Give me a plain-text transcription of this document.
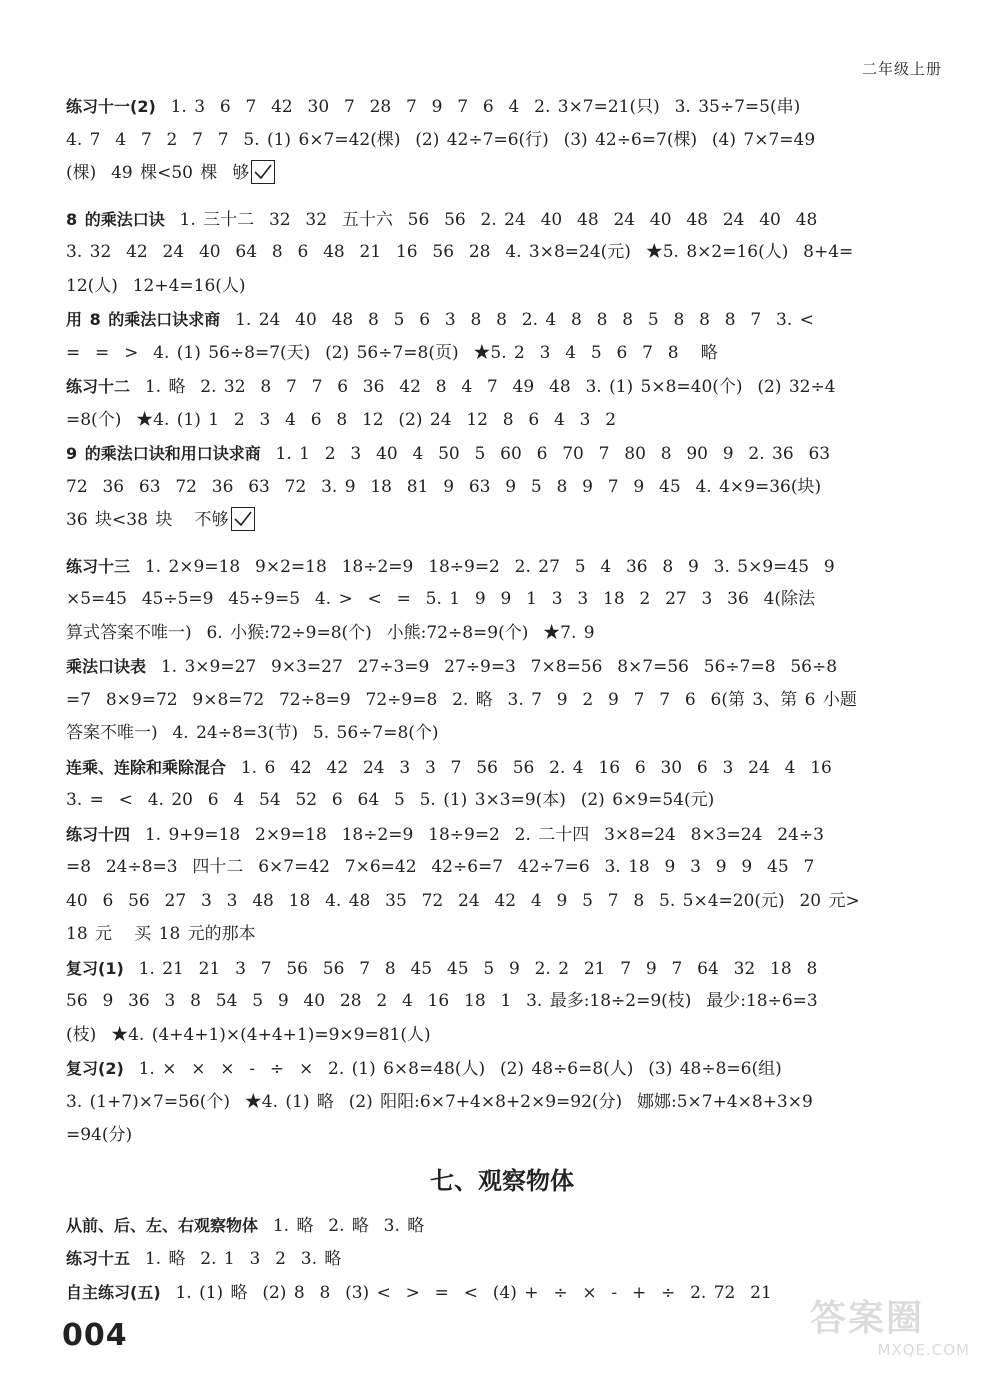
二年级上册
练习十一(2)  1. 3  6  7  42  30  7  28  7  9  7  6  4  2. 3×7=21(只)  3. 35÷7=5(串)
4. 7  4  7  2  7  7  5. (1) 6×7=42(棵)  (2) 42÷7=6(行)  (3) 42÷6=7(棵)  (4) 7×7=49
(棵)  49 棵<50 棵  够
8 的乘法口诀  1. 三十二  32  32  五十六  56  56  2. 24  40  48  24  40  48  24  40  48
3. 32  42  24  40  64  8  6  48  21  16  56  28  4. 3×8=24(元)  ★5. 8×2=16(人)  8+4=
12(人)  12+4=16(人)
用 8 的乘法口诀求商  1. 24  40  48  8  5  6  3  8  8  2. 4  8  8  8  5  8  8  8  7  3. <
=  =  >  4. (1) 56÷8=7(天)  (2) 56÷7=8(页)  ★5. 2  3  4  5  6  7  8   略
练习十二  1. 略  2. 32  8  7  7  6  36  42  8  4  7  49  48  3. (1) 5×8=40(个)  (2) 32÷4
=8(个)  ★4. (1) 1  2  3  4  6  8  12  (2) 24  12  8  6  4  3  2
9 的乘法口诀和用口诀求商  1. 1  2  3  40  4  50  5  60  6  70  7  80  8  90  9  2. 36  63
72  36  63  72  36  63  72  3. 9  18  81  9  63  9  5  8  9  7  9  45  4. 4×9=36(块)
36 块<38 块   不够
练习十三  1. 2×9=18  9×2=18  18÷2=9  18÷9=2  2. 27  5  4  36  8  9  3. 5×9=45  9
×5=45  45÷5=9  45÷9=5  4. >  <  =  5. 1  9  9  1  3  3  18  2  27  3  36  4(除法
算式答案不唯一)  6. 小猴:72÷9=8(个)  小熊:72÷8=9(个)  ★7. 9
乘法口诀表  1. 3×9=27  9×3=27  27÷3=9  27÷9=3  7×8=56  8×7=56  56÷7=8  56÷8
=7  8×9=72  9×8=72  72÷8=9  72÷9=8  2. 略  3. 7  9  2  9  7  7  6  6(第 3、第 6 小题
答案不唯一)  4. 24÷8=3(节)  5. 56÷7=8(个)
连乘、连除和乘除混合  1. 6  42  42  24  3  3  7  56  56  2. 4  16  6  30  6  3  24  4  16
3. =  <  4. 20  6  4  54  52  6  64  5  5. (1) 3×3=9(本)  (2) 6×9=54(元)
练习十四  1. 9+9=18  2×9=18  18÷2=9  18÷9=2  2. 二十四  3×8=24  8×3=24  24÷3
=8  24÷8=3  四十二  6×7=42  7×6=42  42÷6=7  42÷7=6  3. 18  9  3  9  9  45  7
40  6  56  27  3  3  48  18  4. 48  35  72  24  42  4  9  5  7  8  5. 5×4=20(元)  20 元>
18 元   买 18 元的那本
复习(1)  1. 21  21  3  7  56  56  7  8  45  45  5  9  2. 2  21  7  9  7  64  32  18  8
56  9  36  3  8  54  5  9  40  28  2  4  16  18  1  3. 最多:18÷2=9(枝)  最少:18÷6=3
(枝)  ★4. (4+4+1)×(4+4+1)=9×9=81(人)
复习(2)  1. ×  ×  ×  -  ÷  ×  2. (1) 6×8=48(人)  (2) 48÷6=8(人)  (3) 48÷8=6(组)
3. (1+7)×7=56(个)  ★4. (1) 略  (2) 阳阳:6×7+4×8+2×9=92(分)  娜娜:5×7+4×8+3×9
=94(分)
七、观察物体
从前、后、左、右观察物体  1. 略  2. 略  3. 略
练习十五  1. 略  2. 1  3  2  3. 略
自主练习(五)  1. (1) 略  (2) 8  8  (3) <  >  =  <  (4) +  ÷  ×  -  +  ÷  2. 72  21
004	答案圈
MXQE.COM
